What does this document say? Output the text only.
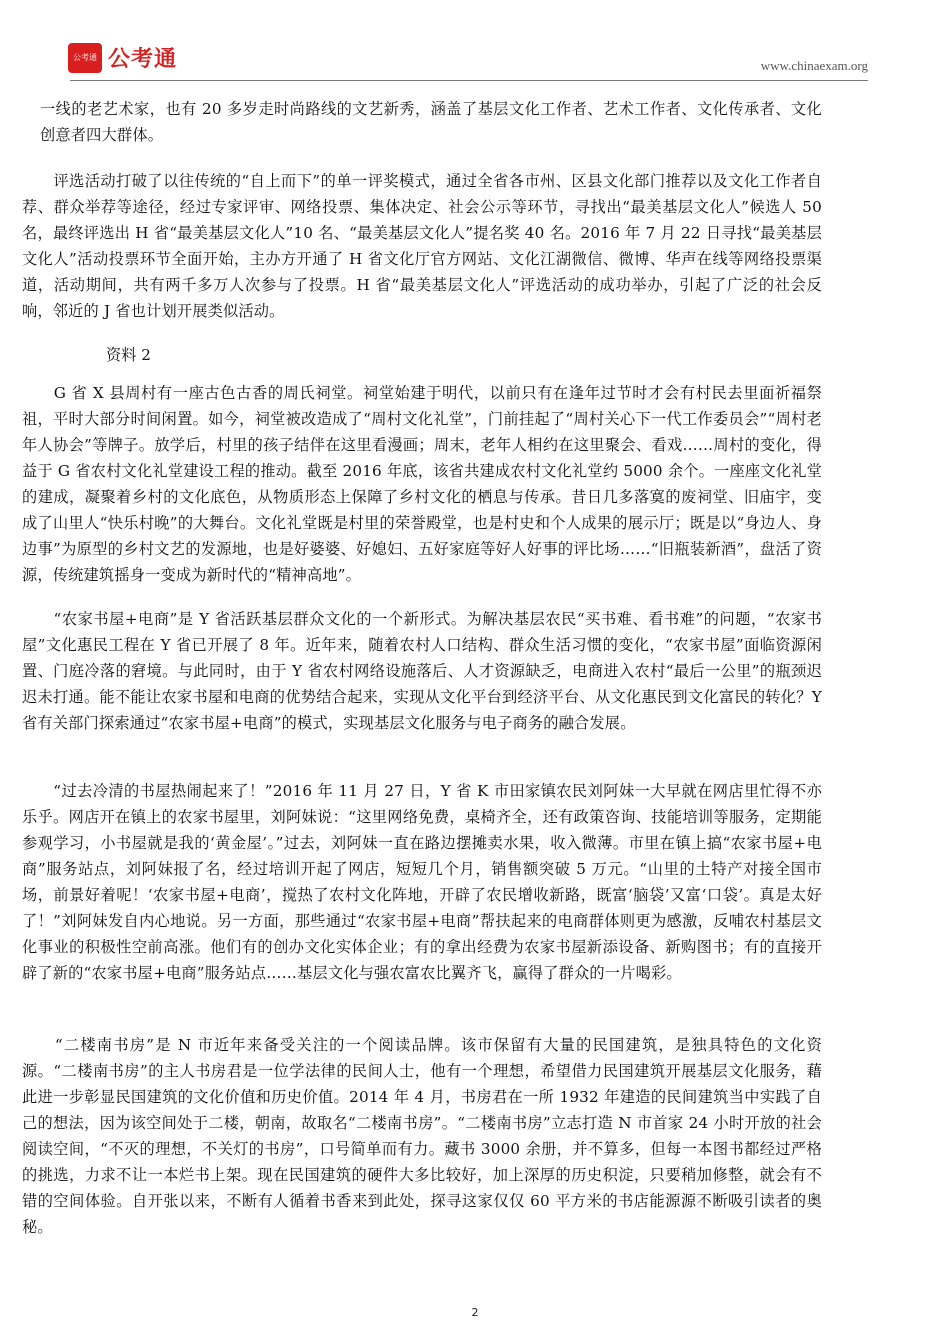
公考通 公考通	www.chinaexam.org

一线的老艺术家，也有 20 多岁走时尚路线的文艺新秀，涵盖了基层文化工作者、艺术工作者、文化传承者、文化创意者四大群体。

　　评选活动打破了以往传统的“自上而下”的单一评奖模式，通过全省各市州、区县文化部门推荐以及文化工作者自荐、群众举荐等途径，经过专家评审、网络投票、集体决定、社会公示等环节，寻找出“最美基层文化人”候选人 50 名，最终评选出 H 省“最美基层文化人”10 名、“最美基层文化人”提名奖 40 名。2016 年 7 月 22 日寻找“最美基层文化人”活动投票环节全面开始，主办方开通了 H 省文化厅官方网站、文化江湖微信、微博、华声在线等网络投票渠道，活动期间，共有两千多万人次参与了投票。H 省“最美基层文化人”评选活动的成功举办，引起了广泛的社会反响，邻近的 J 省也计划开展类似活动。

资料 2

　　G 省 X 县周村有一座古色古香的周氏祠堂。祠堂始建于明代，以前只有在逢年过节时才会有村民去里面祈福祭祖，平时大部分时间闲置。如今，祠堂被改造成了“周村文化礼堂”，门前挂起了“周村关心下一代工作委员会”“周村老年人协会”等牌子。放学后，村里的孩子结伴在这里看漫画；周末，老年人相约在这里聚会、看戏……周村的变化，得益于 G 省农村文化礼堂建设工程的推动。截至 2016 年底，该省共建成农村文化礼堂约 5000 余个。一座座文化礼堂的建成，凝聚着乡村的文化底色，从物质形态上保障了乡村文化的栖息与传承。昔日几多落寞的废祠堂、旧庙宇，变成了山里人“快乐村晚”的大舞台。文化礼堂既是村里的荣誉殿堂，也是村史和个人成果的展示厅；既是以“身边人、身边事”为原型的乡村文艺的发源地，也是好婆婆、好媳妇、五好家庭等好人好事的评比场……“旧瓶装新酒”，盘活了资源，传统建筑摇身一变成为新时代的“精神高地”。

　　“农家书屋+电商”是 Y 省活跃基层群众文化的一个新形式。为解决基层农民“买书难、看书难”的问题，“农家书屋”文化惠民工程在 Y 省已开展了 8 年。近年来，随着农村人口结构、群众生活习惯的变化，“农家书屋”面临资源闲置、门庭冷落的窘境。与此同时，由于 Y 省农村网络设施落后、人才资源缺乏，电商进入农村“最后一公里”的瓶颈迟迟未打通。能不能让农家书屋和电商的优势结合起来，实现从文化平台到经济平台、从文化惠民到文化富民的转化？Y 省有关部门探索通过“农家书屋+电商”的模式，实现基层文化服务与电子商务的融合发展。

　　“过去冷清的书屋热闹起来了！”2016 年 11 月 27 日，Y 省 K 市田家镇农民刘阿妹一大早就在网店里忙得不亦乐乎。网店开在镇上的农家书屋里，刘阿妹说：“这里网络免费，桌椅齐全，还有政策咨询、技能培训等服务，定期能参观学习，小书屋就是我的‘黄金屋’。”过去，刘阿妹一直在路边摆摊卖水果，收入微薄。市里在镇上搞“农家书屋+电商”服务站点，刘阿妹报了名，经过培训开起了网店，短短几个月，销售额突破 5 万元。“山里的土特产对接全国市场，前景好着呢！‘农家书屋+电商’，搅热了农村文化阵地，开辟了农民增收新路，既富‘脑袋’又富‘口袋’。真是太好了！”刘阿妹发自内心地说。另一方面，那些通过“农家书屋+电商”帮扶起来的电商群体则更为感激，反哺农村基层文化事业的积极性空前高涨。他们有的创办文化实体企业；有的拿出经费为农家书屋新添设备、新购图书；有的直接开辟了新的“农家书屋+电商”服务站点……基层文化与强农富农比翼齐飞，赢得了群众的一片喝彩。

　　“二楼南书房”是 N 市近年来备受关注的一个阅读品牌。该市保留有大量的民国建筑，是独具特色的文化资源。“二楼南书房”的主人书房君是一位学法律的民间人士，他有一个理想，希望借力民国建筑开展基层文化服务，藉此进一步彰显民国建筑的文化价值和历史价值。2014 年 4 月，书房君在一所 1932 年建造的民间建筑当中实践了自己的想法，因为该空间处于二楼，朝南，故取名“二楼南书房”。“二楼南书房”立志打造 N 市首家 24 小时开放的社会阅读空间，“不灭的理想，不关灯的书房”，口号简单而有力。藏书 3000 余册，并不算多，但每一本图书都经过严格的挑选，力求不让一本烂书上架。现在民国建筑的硬件大多比较好，加上深厚的历史积淀，只要稍加修整，就会有不错的空间体验。自开张以来，不断有人循着书香来到此处，探寻这家仅仅 60 平方米的书店能源源不断吸引读者的奥秘。

2
